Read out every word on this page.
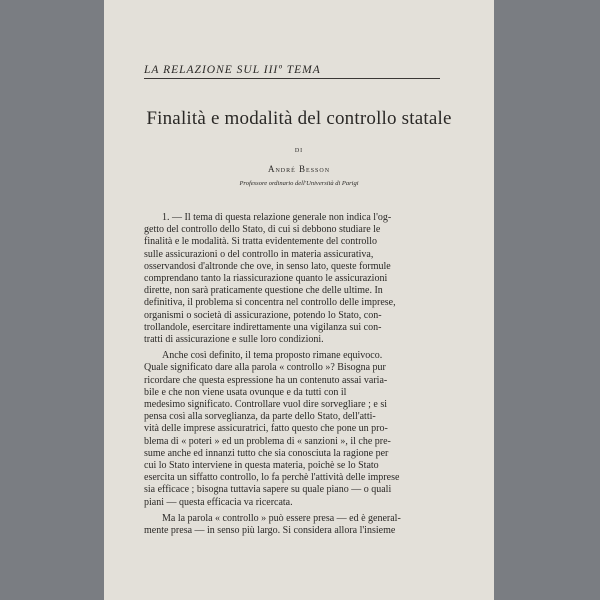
LA RELAZIONE SUL IIIº TEMA
Finalità e modalità del controllo statale
DI
André Besson
Professore ordinario dell'Università di Parigi
1. — Il tema di questa relazione generale non indica l'og-
getto del controllo dello Stato, di cui si debbono studiare le
finalità e le modalità. Si tratta evidentemente del controllo
sulle assicurazioni o del controllo in materia assicurativa,
osservandosi d'altronde che ove, in senso lato, queste formule
comprendano tanto la riassicurazione quanto le assicurazioni
dirette, non sarà praticamente questione che delle ultime. In
definitiva, il problema si concentra nel controllo delle imprese,
organismi o società di assicurazione, potendo lo Stato, con-
trollandole, esercitare indirettamente una vigilanza sui con-
tratti di assicurazione e sulle loro condizioni.
Anche così definito, il tema proposto rimane equivoco.
Quale significato dare alla parola « controllo »? Bisogna pur
ricordare che questa espressione ha un contenuto assai varia-
bile e che non viene usata ovunque e da tutti con il
medesimo significato. Controllare vuol dire sorvegliare ; e si
pensa così alla sorveglianza, da parte dello Stato, dell'atti-
vità delle imprese assicuratrici, fatto questo che pone un pro-
blema di « poteri » ed un problema di « sanzioni », il che pre-
sume anche ed innanzi tutto che sia conosciuta la ragione per
cui lo Stato interviene in questa materia, poichè se lo Stato
esercita un siffatto controllo, lo fa perchè l'attività delle imprese
sia efficace ; bisogna tuttavia sapere su quale piano — o quali
piani — questa efficacia va ricercata.
Ma la parola « controllo » può essere presa — ed è general-
mente presa — in senso più largo. Si considera allora l'insieme
